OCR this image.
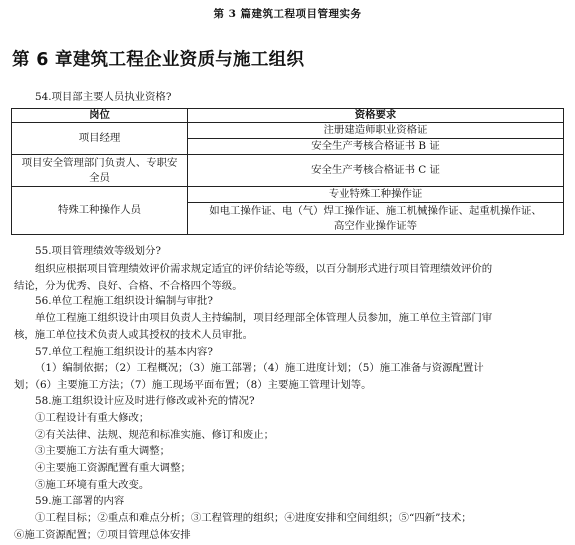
第 3 篇建筑工程项目管理实务
第 6 章建筑工程企业资质与施工组织
54.项目部主要人员执业资格?
岗位	资格要求
项目经理	注册建造师职业资格证
	安全生产考核合格证书 B 证

项目安全管理部门负责人、专职安
全员	安全生产考核合格证书 C 证
特殊工种操作人员	专业特殊工种操作证

	如电工操作证、电（气）焊工操作证、施工机械操作证、起重机操作证、
高空作业操作证等
55.项目管理绩效等级划分?
组织应根据项目管理绩效评价需求规定适宜的评价结论等级，以百分制形式进行项目管理绩效评价的
结论，分为优秀、良好、合格、不合格四个等级。
56.单位工程施工组织设计编制与审批?
单位工程施工组织设计由项目负责人主持编制，项目经理部全体管理人员参加，施工单位主管部门审
核，施工单位技术负责人或其授权的技术人员审批。
57.单位工程施工组织设计的基本内容?
（1）编制依据；（2）工程概况；（3）施工部署；（4）施工进度计划；（5）施工准备与资源配置计
划；（6）主要施工方法；（7）施工现场平面布置；（8）主要施工管理计划等。
58.施工组织设计应及时进行修改或补充的情况?
①工程设计有重大修改；
②有关法律、法规、规范和标准实施、修订和废止；
③主要施工方法有重大调整；
④主要施工资源配置有重大调整；
⑤施工环境有重大改变。
59.施工部署的内容
①工程目标；②重点和难点分析；③工程管理的组织；④进度安排和空间组织；⑤“四新”技术；
⑥施工资源配置；⑦项目管理总体安排
